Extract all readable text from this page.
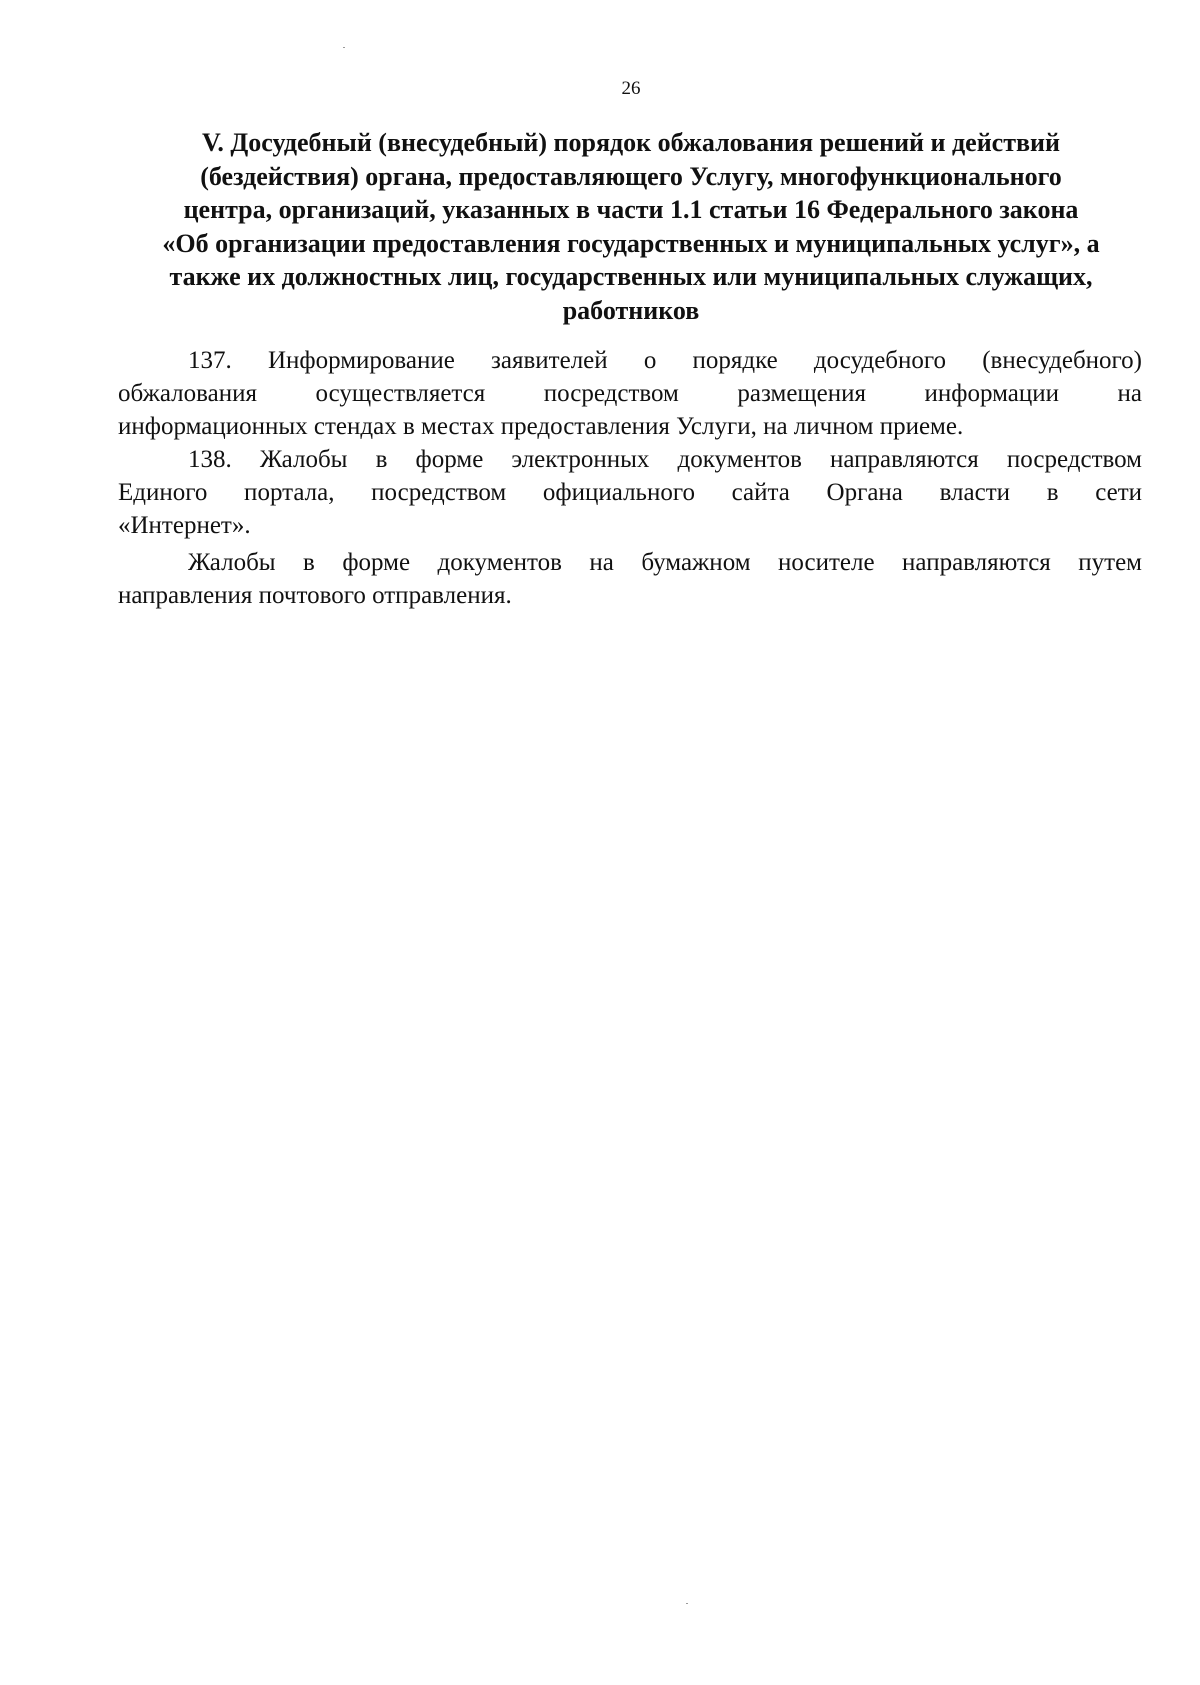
26
V. Досудебный (внесудебный) порядок обжалования решений и действий
(бездействия) органа, предоставляющего Услугу, многофункционального
центра, организаций, указанных в части 1.1 статьи 16 Федерального закона
«Об организации предоставления государственных и муниципальных услуг», а
также их должностных лиц, государственных или муниципальных служащих,
работников
137. Информирование заявителей о порядке досудебного (внесудебного)
обжалования осуществляется посредством размещения информации на
информационных стендах в местах предоставления Услуги, на личном приеме.
138. Жалобы в форме электронных документов направляются посредством
Единого портала, посредством официального сайта Органа власти в сети
«Интернет».
Жалобы в форме документов на бумажном носителе направляются путем
направления почтового отправления.
